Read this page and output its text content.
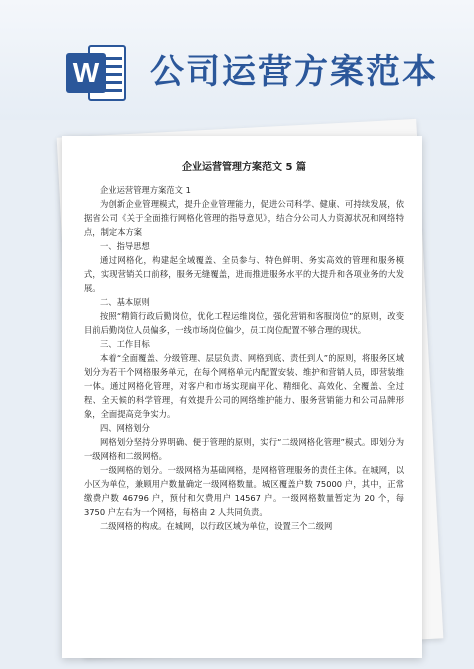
W 公司运营方案范本
企业运营管理方案范文 5 篇

企业运营管理方案范文 1

为创新企业管理模式，提升企业管理能力，促进公司科学、健康、可持续发展，依据省公司《关于全面推行网格化管理的指导意见》，结合分公司人力资源状况和网络特点，制定本方案

一、指导思想

通过网格化，构建起全域覆盖、全员参与、特色鲜明、务实高效的管理和服务模式，实现营销关口前移，服务无缝覆盖，进而推进服务水平的大提升和各项业务的大发展。

二、基本原则

按照“精简行政后勤岗位，优化工程运维岗位，强化营销和客服岗位”的原则，改变目前后勤岗位人员偏多，一线市场岗位偏少，员工岗位配置不够合理的现状。

三、工作目标

本着“全面覆盖、分级管理、层层负责、网格到底、责任到人”的原则，将服务区域划分为若干个网格服务单元，在每个网格单元内配置安装、维护和营销人员，即营装维一体。通过网格化管理，对客户和市场实现扁平化、精细化、高效化、全覆盖、全过程、全天候的科学管理，有效提升公司的网络维护能力、服务营销能力和公司品牌形象，全面提高竞争实力。

四、网格划分

网格划分坚持分界明确、便于管理的原则，实行“二级网格化管理”模式。即划分为一级网格和二级网格。

一级网格的划分。一级网格为基础网格，是网格管理服务的责任主体。在城网，以小区为单位，兼顾用户数量确定一级网格数量。城区覆盖户数 75000 户，其中，正常缴费户数 46796 户，预付和欠费用户 14567 户。一级网格数量暂定为 20 个，每 3750 户左右为一个网格，每格由 2 人共同负责。

二级网格的构成。在城网，以行政区域为单位，设置三个二级网
